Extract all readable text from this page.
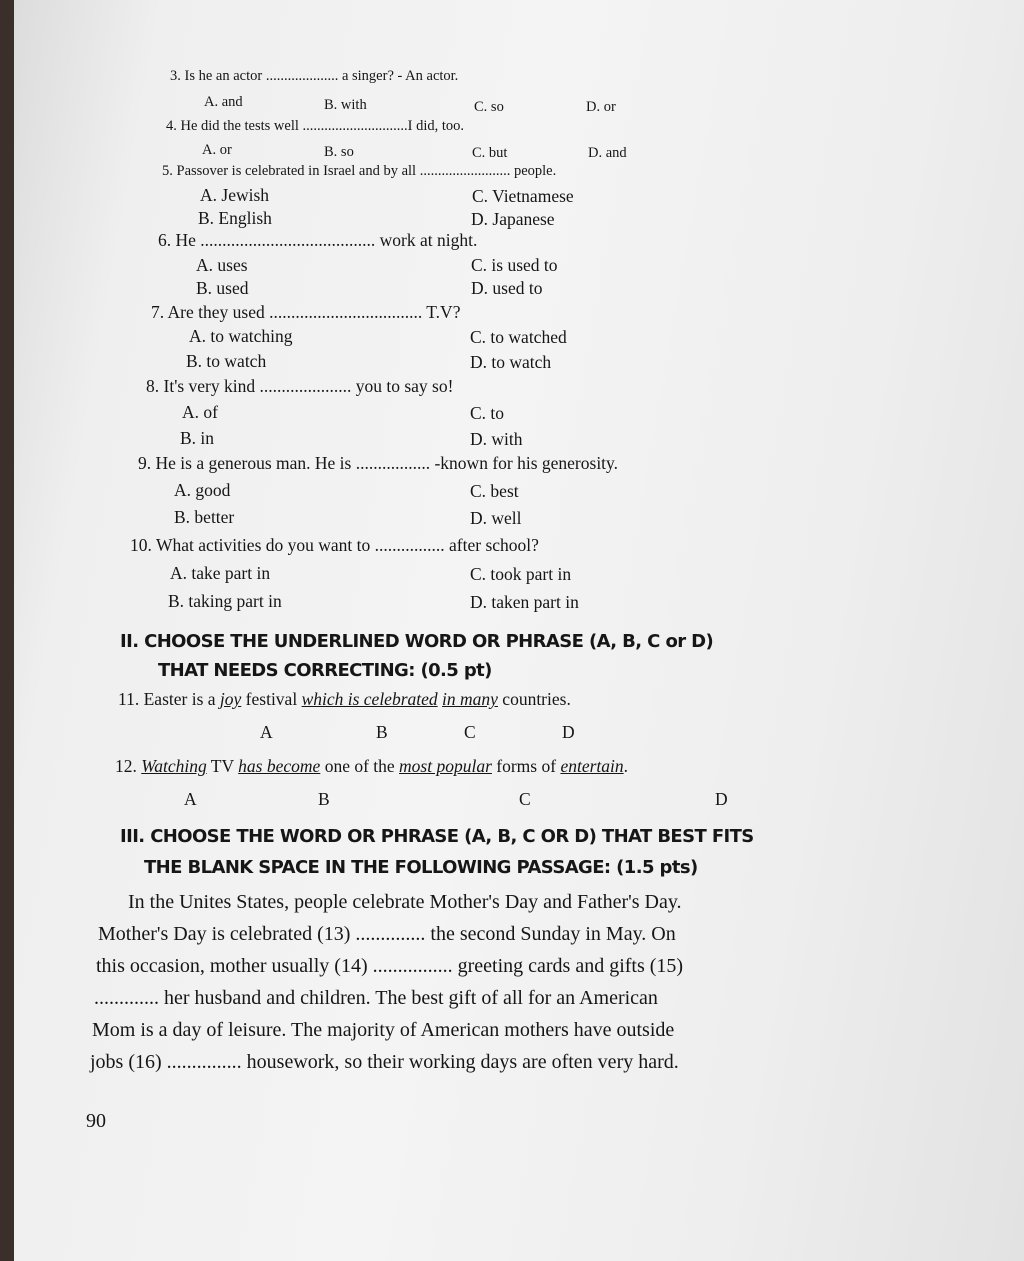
3. Is he an actor .................... a singer? - An actor.
A. and	B. with	C. so	D. or
4. He did the tests well .............................I did, too.
A. or	B. so	C. but	D. and
5. Passover is celebrated in Israel and by all ......................... people.
A. Jewish	C. Vietnamese
B. English	D. Japanese
6. He ........................................ work at night.
A. uses	C. is used to
B. used	D. used to
7. Are they used ................................... T.V?
A. to watching	C. to watched
B. to watch	D. to watch
8. It's very kind ..................... you to say so!
A. of	C. to
B. in	D. with
9. He is a generous man. He is ................. -known for his generosity.
A. good	C. best
B. better	D. well
10. What activities do you want to ................ after school?
A. take part in	C. took part in
B. taking part in	D. taken part in
II. CHOOSE THE UNDERLINED WORD OR PHRASE (A, B, C or D)
THAT NEEDS CORRECTING: (0.5 pt)
11. Easter is a joy festival which is celebrated in many countries.
A	B	C	D
12. Watching TV has become one of the most popular forms of entertain.
A	B	C	D
III. CHOOSE THE WORD OR PHRASE (A, B, C OR D) THAT BEST FITS
THE BLANK SPACE IN THE FOLLOWING PASSAGE: (1.5 pts)
In the Unites States, people celebrate Mother's Day and Father's Day.
Mother's Day is celebrated (13) .............. the second Sunday in May. On
this occasion, mother usually (14) ................ greeting cards and gifts (15)
............. her husband and children. The best gift of all for an American
Mom is a day of leisure. The majority of American mothers have outside
jobs (16) ............... housework, so their working days are often very hard.
90
